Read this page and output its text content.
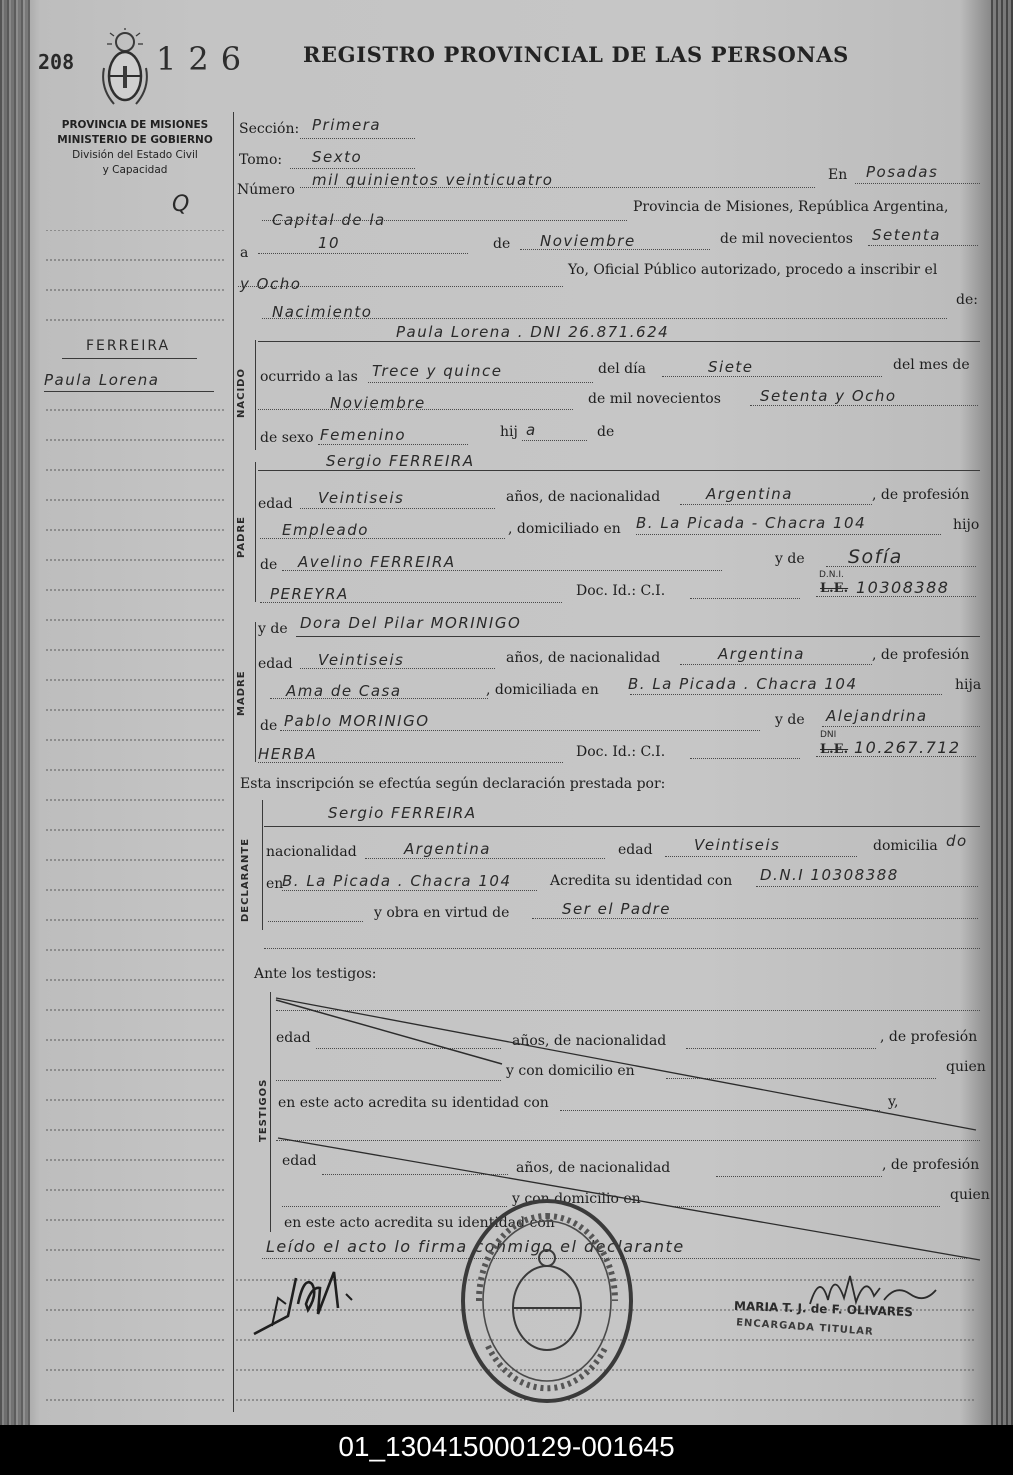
208	126 REGISTRO PROVINCIAL DE LAS PERSONAS
PROVINCIA DE MISIONES
MINISTERIO DE GOBIERNO
División del Estado Civil
y Capacidad
Q
FERREIRA
Paula Lorena
Sección: Primera
Tomo: Sexto
Número
mil quinientos veinticuatro	En Posadas
Capital de la
Provincia de Misiones, República Argentina,
a
10	de Noviembre	de mil novecientos Setenta
y Ocho
Yo, Oficial Público autorizado, procedo a inscribir el
Nacimiento
de:
NACIDO
Paula Lorena . DNI 26.871.624
ocurrido a las Trece y quince	del día	Siete	del mes de
Noviembre	de mil novecientos	Setenta y Ocho
de sexo Femenino	hij a	de
PADRE
Sergio FERREIRA
edad Veintiseis	años, de nacionalidad	Argentina	, de profesión
Empleado	, domiciliado en B. La Picada - Chacra 104	hijo
de Avelino FERREIRA	y de Sofía
PEREYRA	Doc. Id.: C.I.
D.N.I.
L.E. 10308388
MADRE
y de Dora Del Pilar MORINIGO
edad Veintiseis	años, de nacionalidad	Argentina	, de profesión
Ama de Casa	, domiciliada en B. La Picada . Chacra 104	hija
de Pablo MORINIGO	y de Alejandrina
HERBA	Doc. Id.: C.I.
DNI
L.E. 10.267.712
Esta inscripción se efectúa según declaración prestada por:
DECLARANTE
Sergio FERREIRA
nacionalidad	Argentina	edad	Veintiseis	domicilia do
en
B. La Picada . Chacra 104	Acredita su identidad con D.N.I 10308388
y obra en virtud de	Ser el Padre
Ante los testigos:
TESTIGOS
edad	años, de nacionalidad	, de profesión
y con domicilio en	quien
en este acto acredita su identidad con	y,
edad	años, de nacionalidad	, de profesión
y con domicilio en	quien
en este acto acredita su identidad con
Leído el acto lo firma conmigo el declarante
MARIA T. J. de F. OLIVARES
ENCARGADA TITULAR
01_130415000129-001645
